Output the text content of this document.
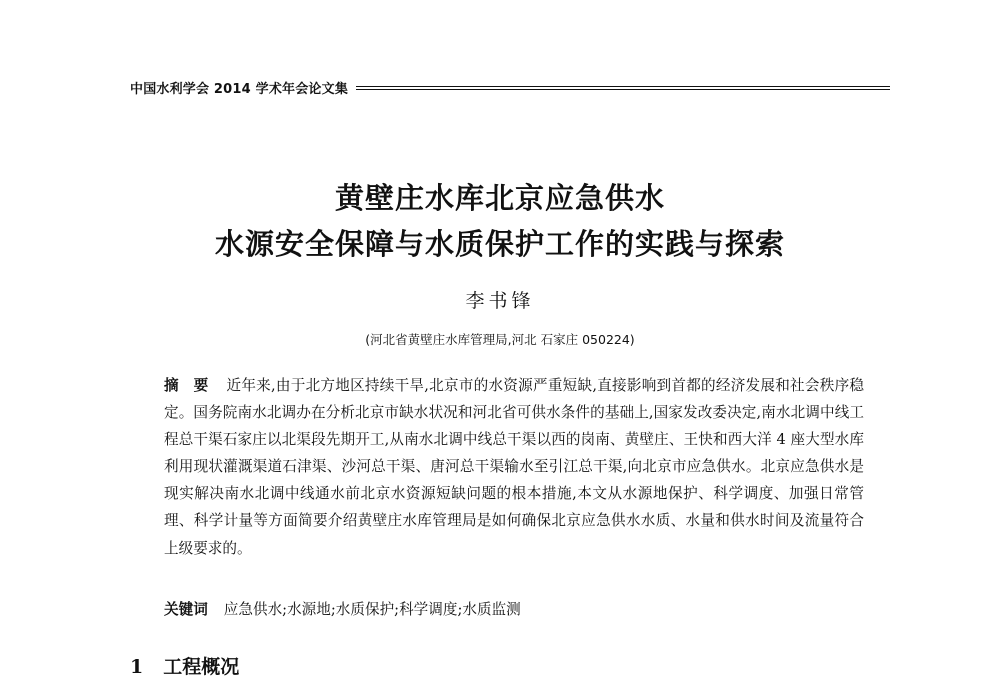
中国水利学会 2014 学术年会论文集
黄壁庄水库北京应急供水
水源安全保障与水质保护工作的实践与探索
李书锋
(河北省黄壁庄水库管理局,河北 石家庄 050224)
摘　要 近年来,由于北方地区持续干旱,北京市的水资源严重短缺,直接影响到首都的经济发展和社会秩序稳定。国务院南水北调办在分析北京市缺水状况和河北省可供水条件的基础上,国家发改委决定,南水北调中线工程总干渠石家庄以北渠段先期开工,从南水北调中线总干渠以西的岗南、黄壁庄、王快和西大洋 4 座大型水库利用现状灌溉渠道石津渠、沙河总干渠、唐河总干渠输水至引江总干渠,向北京市应急供水。北京应急供水是现实解决南水北调中线通水前北京水资源短缺问题的根本措施,本文从水源地保护、科学调度、加强日常管理、科学计量等方面简要介绍黄壁庄水库管理局是如何确保北京应急供水水质、水量和供水时间及流量符合上级要求的。
关键词 应急供水;水源地;水质保护;科学调度;水质监测
1 工程概况
